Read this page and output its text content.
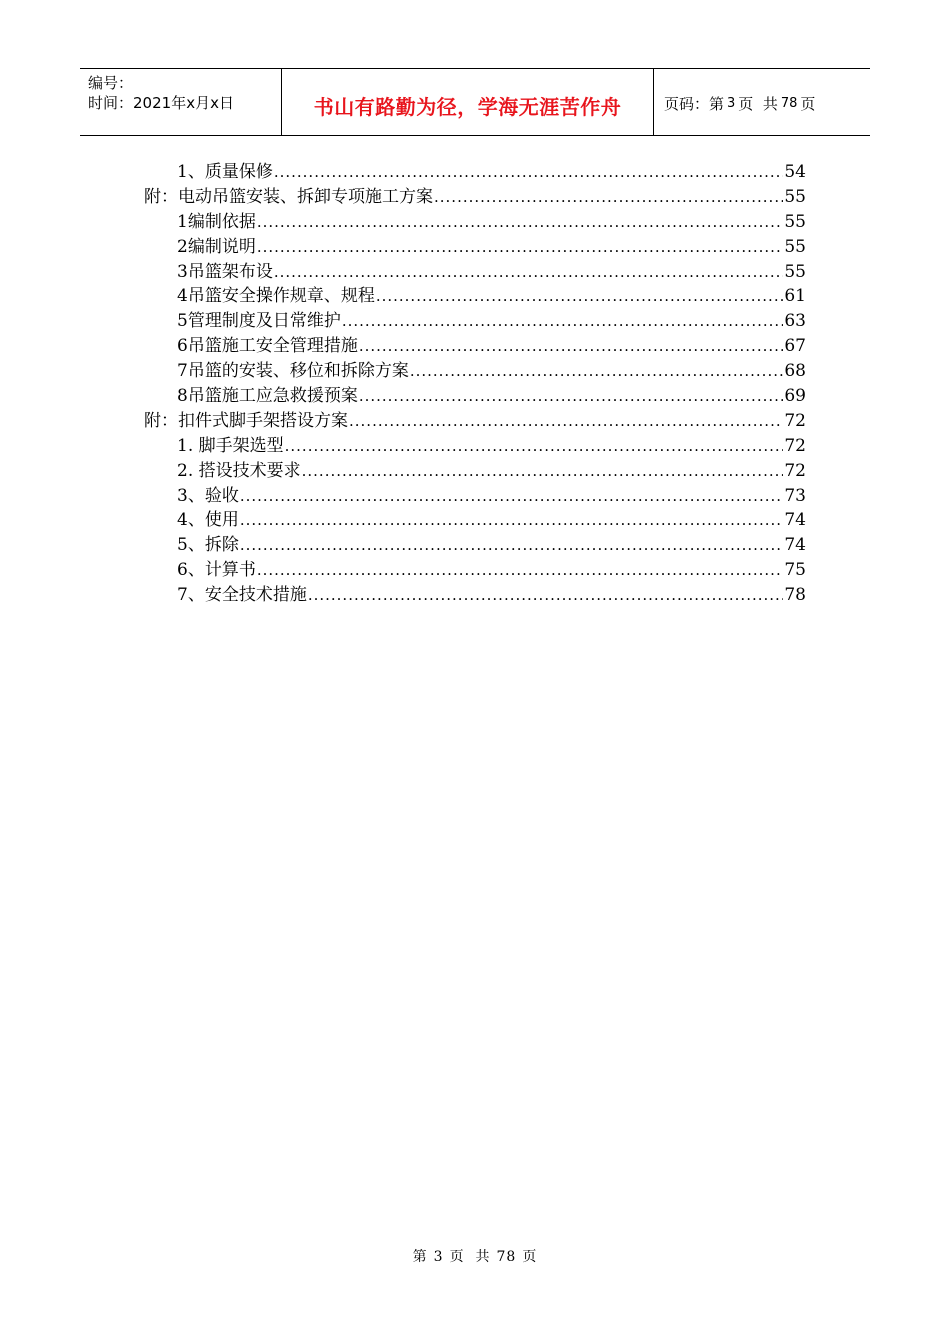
编号：
时间：2021年x月x日	书山有路勤为径，学海无涯苦作舟	页码：第 3 页  共 78 页
1、质量保修 .....	54
附：电动吊篮安装、拆卸专项施工方案 .....	55
1编制依据 .....	55
2编制说明 .....	55
3吊篮架布设 .....	55
4吊篮安全操作规章、规程 .....	61
5管理制度及日常维护 .....	63
6吊篮施工安全管理措施 .....	67
7吊篮的安装、移位和拆除方案 .....	68
8吊篮施工应急救援预案 .....	69
附：扣件式脚手架搭设方案 .....	72
1. 脚手架选型 .....	72
2. 搭设技术要求 .....	72
3、验收 .....	73
4、使用 .....	74
5、拆除 .....	74
6、计算书 .....	75
7、安全技术措施 .....	78
第 3 页  共 78 页
